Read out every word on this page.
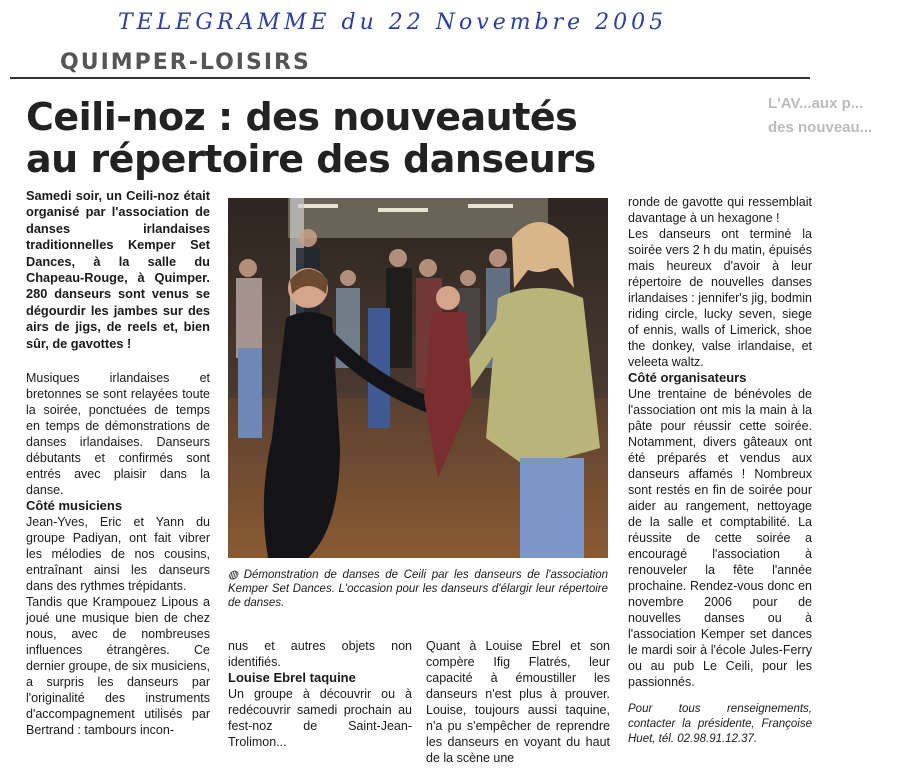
TELEGRAMME du 22 Novembre 2005
QUIMPER-LOISIRS
L'AV...aux p...
des nouveau...
Ceili-noz : des nouveautés
au répertoire des danseurs

Samedi soir, un Ceili-noz était organisé par l'association de danses irlandaises traditionnelles Kemper Set Dances, à la salle du Chapeau-Rouge, à Quimper. 280 danseurs sont venus se dégourdir les jambes sur des airs de jigs, de reels et, bien sûr, de gavottes !

Musiques irlandaises et bretonnes se sont relayées toute la soirée, ponctuées de temps en temps de démonstrations de danses irlandaises. Danseurs débutants et confirmés sont entrés avec plaisir dans la danse.

Côté musiciens

Jean-Yves, Eric et Yann du groupe Padiyan, ont fait vibrer les mélodies de nos cousins, entraînant ainsi les danseurs dans des rythmes trépidants.

Tandis que Krampouez Lipous a joué une musique bien de chez nous, avec de nombreuses influences étrangères. Ce dernier groupe, de six musiciens, a surpris les danseurs par l'originalité des instruments d'accompagnement utilisés par Bertrand : tambours incon-

◍ Démonstration de danses de Ceili par les danseurs de l'association Kemper Set Dances. L'occasion pour les danseurs d'élargir leur répertoire de danses.

nus et autres objets non identifiés.

Louise Ebrel taquine

Un groupe à découvrir ou à redécouvrir samedi prochain au fest-noz de Saint-Jean-Trolimon...

Quant à Louise Ebrel et son compère Ifig Flatrés, leur capacité à émoustiller les danseurs n'est plus à prouver. Louise, toujours aussi taquine, n'a pu s'empêcher de reprendre les danseurs en voyant du haut de la scène une

ronde de gavotte qui ressemblait davantage à un hexagone !

Les danseurs ont terminé la soirée vers 2 h du matin, épuisés mais heureux d'avoir à leur répertoire de nouvelles danses irlandaises : jennifer's jig, bodmin riding circle, lucky seven, siege of ennis, walls of Limerick, shoe the donkey, valse irlandaise, et veleeta waltz.

Côté organisateurs

Une trentaine de bénévoles de l'association ont mis la main à la pâte pour réussir cette soirée. Notamment, divers gâteaux ont été préparés et vendus aux danseurs affamés ! Nombreux sont restés en fin de soirée pour aider au rangement, nettoyage de la salle et comptabilité. La réussite de cette soirée a encouragé l'association à renouveler la fête l'année prochaine. Rendez-vous donc en novembre 2006 pour de nouvelles danses ou à l'association Kemper set dances le mardi soir à l'école Jules-Ferry ou au pub Le Ceili, pour les passionnés.

Pour tous renseignements, contacter la présidente, Françoise Huet, tél. 02.98.91.12.37.
